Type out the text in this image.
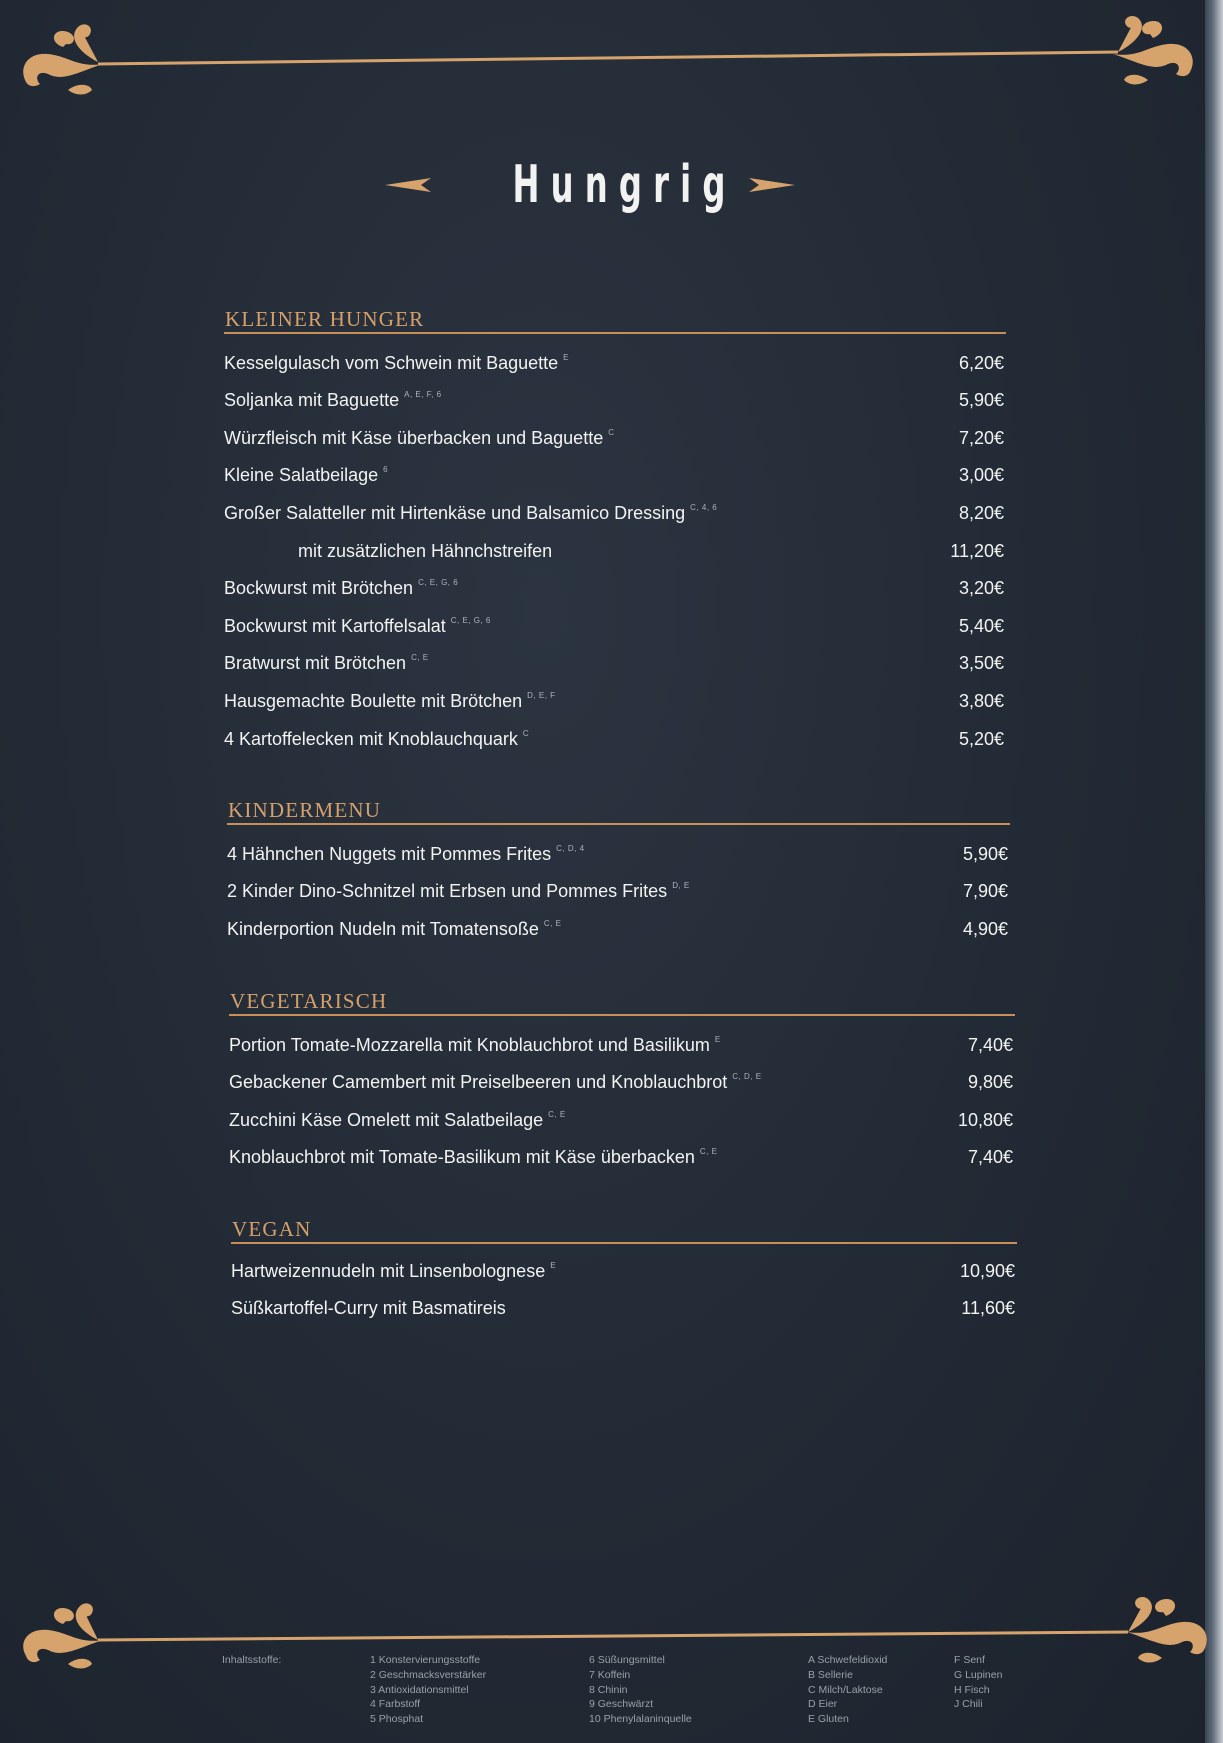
Hungrig
KLEINER HUNGER
Kesselgulasch vom Schwein mit Baguette $^E$	6,20€
Soljanka mit Baguette $^{A, E, F, 6}$	5,90€
Würzfleisch mit Käse überbacken und Baguette $^C$	7,20€
Kleine Salatbeilage $^6$	3,00€
Großer Salatteller mit Hirtenkäse und Balsamico Dressing $^{C, 4, 6}$	8,20€
mit zusätzlichen Hähnchstreifen	11,20€
Bockwurst mit Brötchen $^{C, E, G, 6}$	3,20€
Bockwurst mit Kartoffelsalat $^{C, E, G, 6}$	5,40€
Bratwurst mit Brötchen $^{C, E}$	3,50€
Hausgemachte Boulette mit Brötchen $^{D, E, F}$	3,80€
4 Kartoffelecken mit Knoblauchquark $^C$	5,20€
KINDERMENU
4 Hähnchen Nuggets mit Pommes Frites $^{C, D, 4}$	5,90€
2 Kinder Dino-Schnitzel mit Erbsen und Pommes Frites $^{D, E}$	7,90€
Kinderportion Nudeln mit Tomatensoße $^{C, E}$	4,90€
VEGETARISCH
Portion Tomate-Mozzarella mit Knoblauchbrot und Basilikum $^E$	7,40€
Gebackener Camembert mit Preiselbeeren und Knoblauchbrot $^{C, D, E}$	9,80€
Zucchini Käse Omelett mit Salatbeilage $^{C, E}$	10,80€
Knoblauchbrot mit Tomate-Basilikum mit Käse überbacken $^{C, E}$	7,40€
VEGAN
Hartweizennudeln mit Linsenbolognese $^E$	10,90€
Süßkartoffel-Curry mit Basmatireis	11,60€
Inhaltsstoffe:	1 Konstervierungsstoffe
2 Geschmacksverstärker
3 Antioxidationsmittel
4 Farbstoff
5 Phosphat
6 Süßungsmittel
7 Koffein
8 Chinin
9 Geschwärzt
10 Phenylalaninquelle
A Schwefeldioxid
B Sellerie
C Milch/Laktose
D Eier
E Gluten
F Senf
G Lupinen
H Fisch
J Chili
